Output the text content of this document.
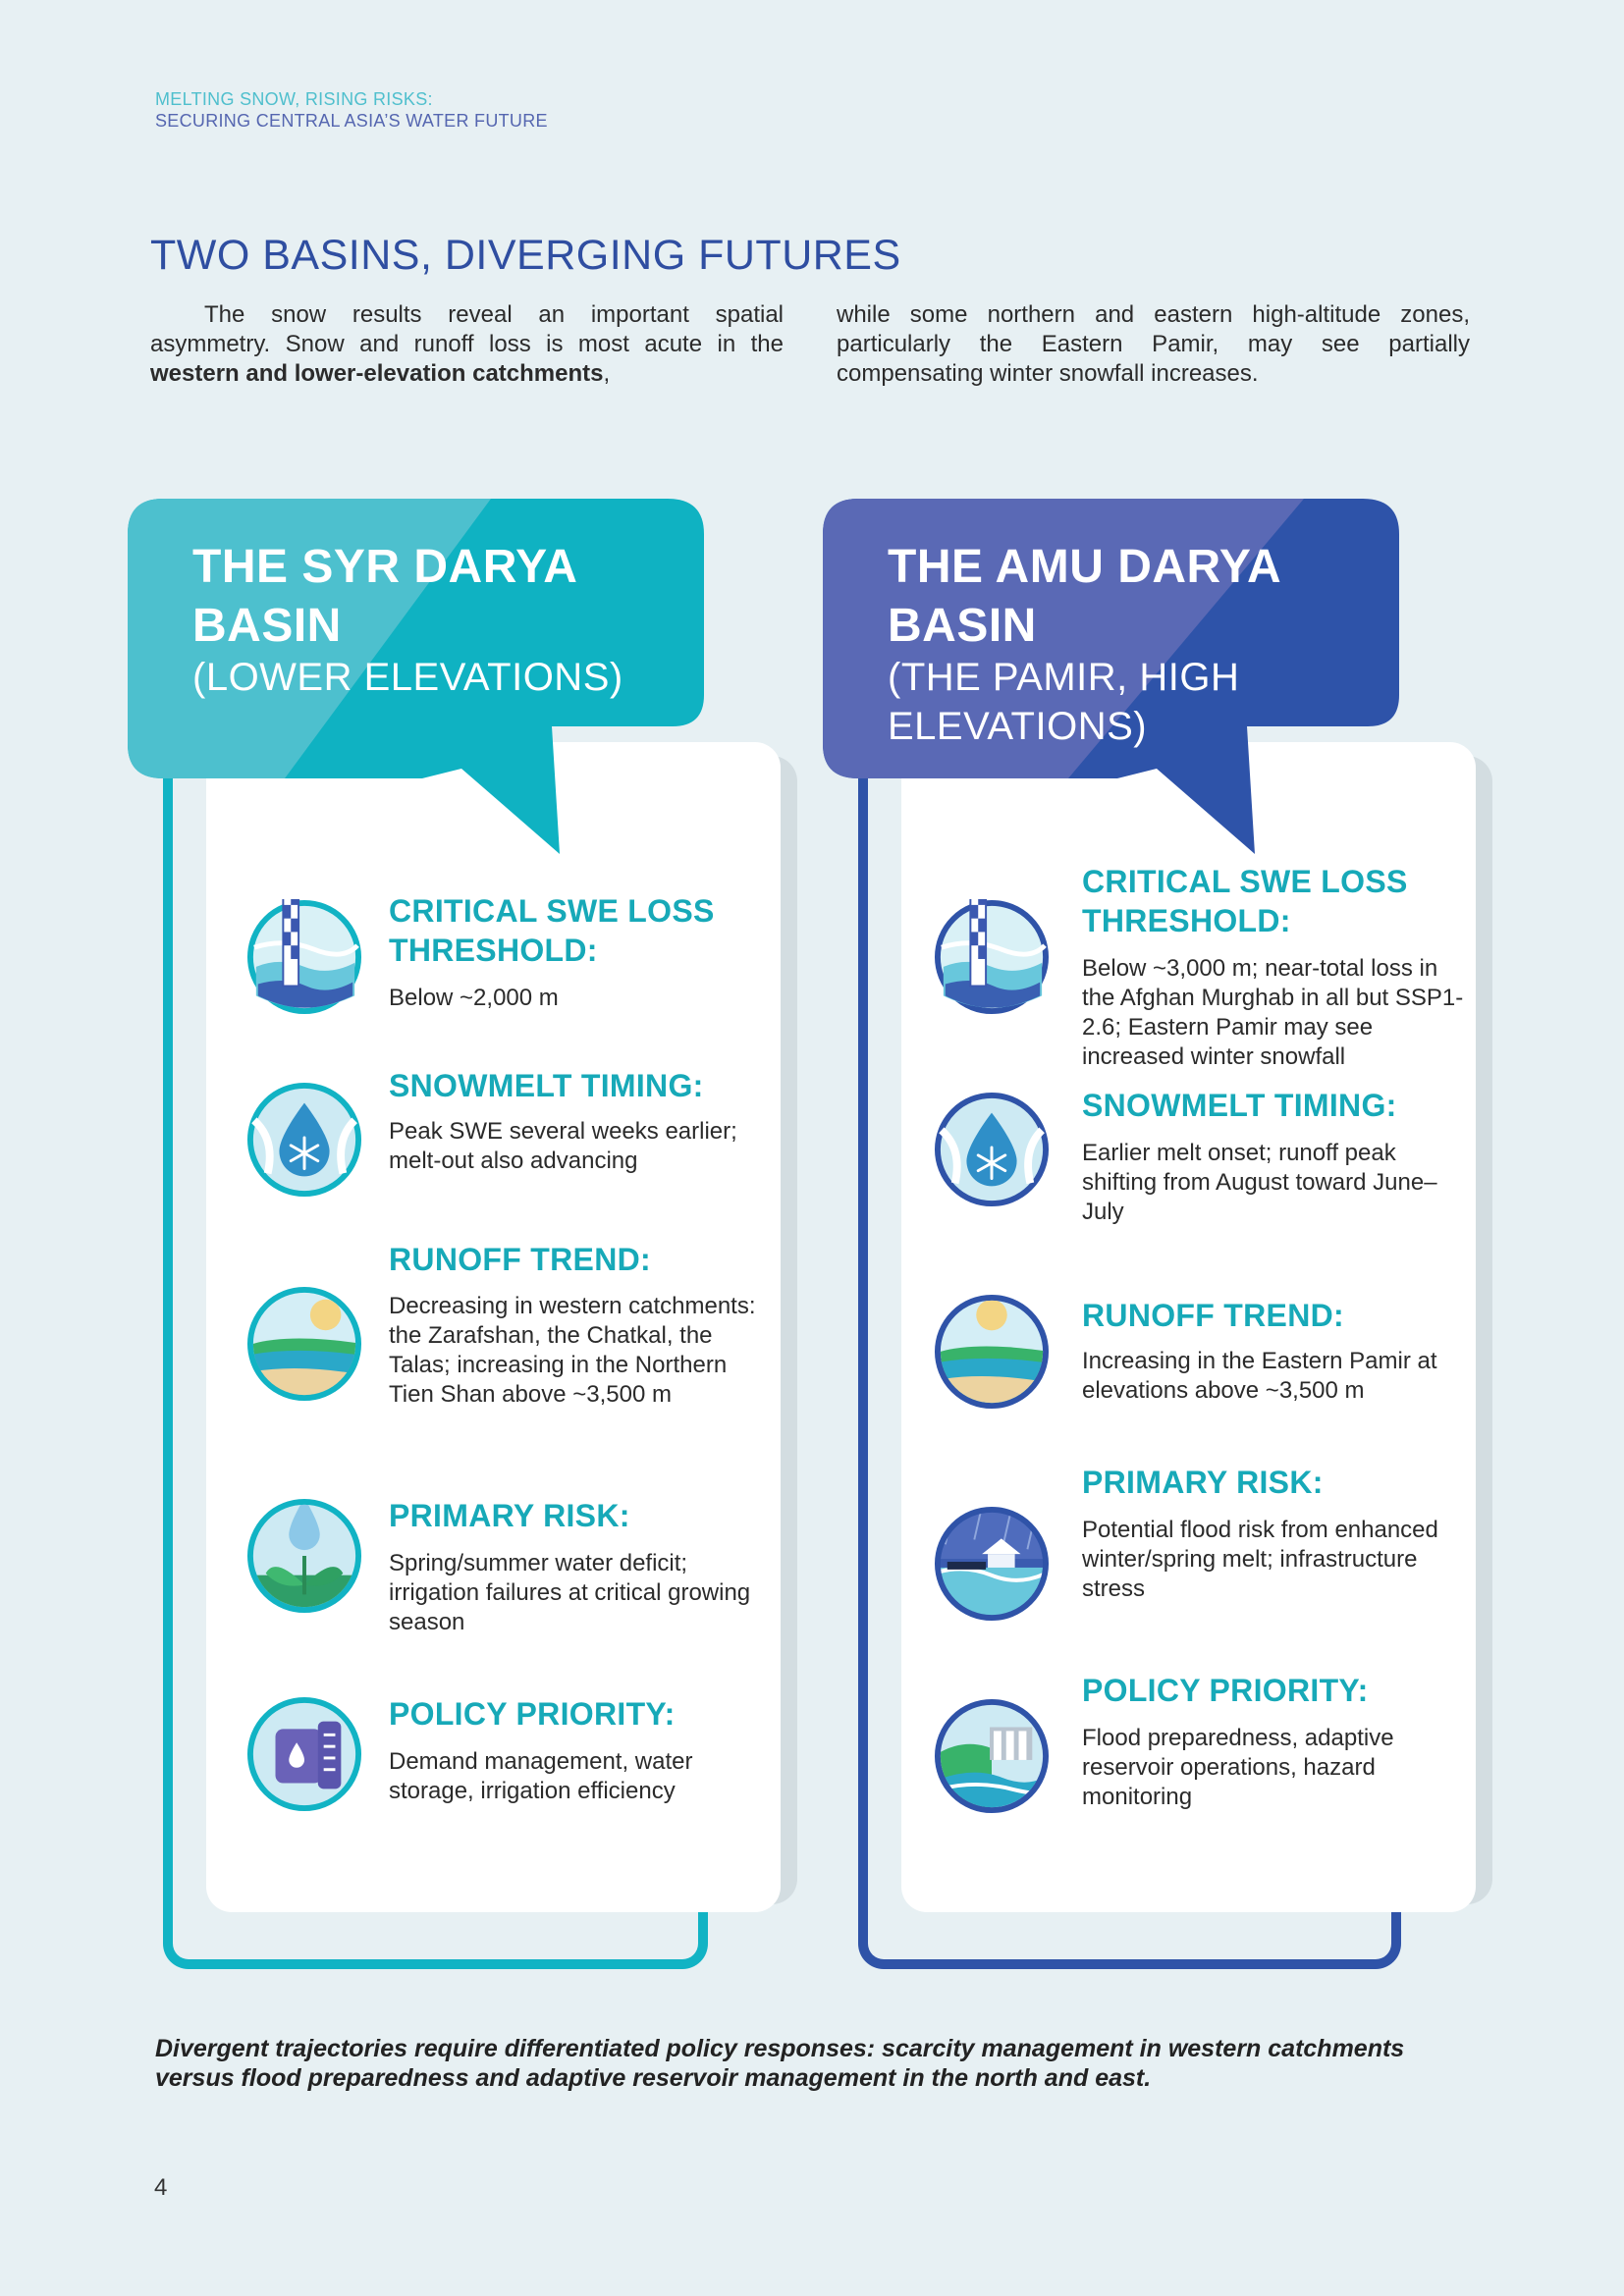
MELTING SNOW, RISING RISKS:
SECURING CENTRAL ASIA’S WATER FUTURE
TWO BASINS, DIVERGING FUTURES

The snow results reveal an important spatial asymmetry. Snow and runoff loss is most acute in the western and lower-elevation catchments,

while some northern and eastern high-altitude zones, particularly the Eastern Pamir, may see partially compensating winter snowfall increases.

THE SYR DARYA BASIN
(LOWER ELEVATIONS)
THE AMU DARYA BASIN
(THE PAMIR, HIGH ELEVATIONS)
CRITICAL SWE LOSS THRESHOLD:

Below ~2,000 m

SNOWMELT TIMING:

Peak SWE several weeks earlier; melt-out also advancing

RUNOFF TREND:

Decreasing in western catchments: the Zarafshan, the Chatkal, the Talas; increasing in the Northern Tien Shan above ~3,500 m

PRIMARY RISK:

Spring/summer water deficit; irrigation failures at critical growing season

POLICY PRIORITY:

Demand management, water storage, irrigation efficiency

CRITICAL SWE LOSS THRESHOLD:

Below ~3,000 m; near-total loss in the Afghan Murghab in all but SSP1-2.6; Eastern Pamir may see increased winter snowfall

SNOWMELT TIMING:

Earlier melt onset; runoff peak shifting from August toward June–July

RUNOFF TREND:

Increasing in the Eastern Pamir at elevations above ~3,500 m

PRIMARY RISK:

Potential flood risk from enhanced winter/spring melt; infrastructure stress

POLICY PRIORITY:

Flood preparedness, adaptive reservoir operations, hazard monitoring

Divergent trajectories require differentiated policy responses: scarcity management in western catchments versus flood preparedness and adaptive reservoir management in the north and east.

4
